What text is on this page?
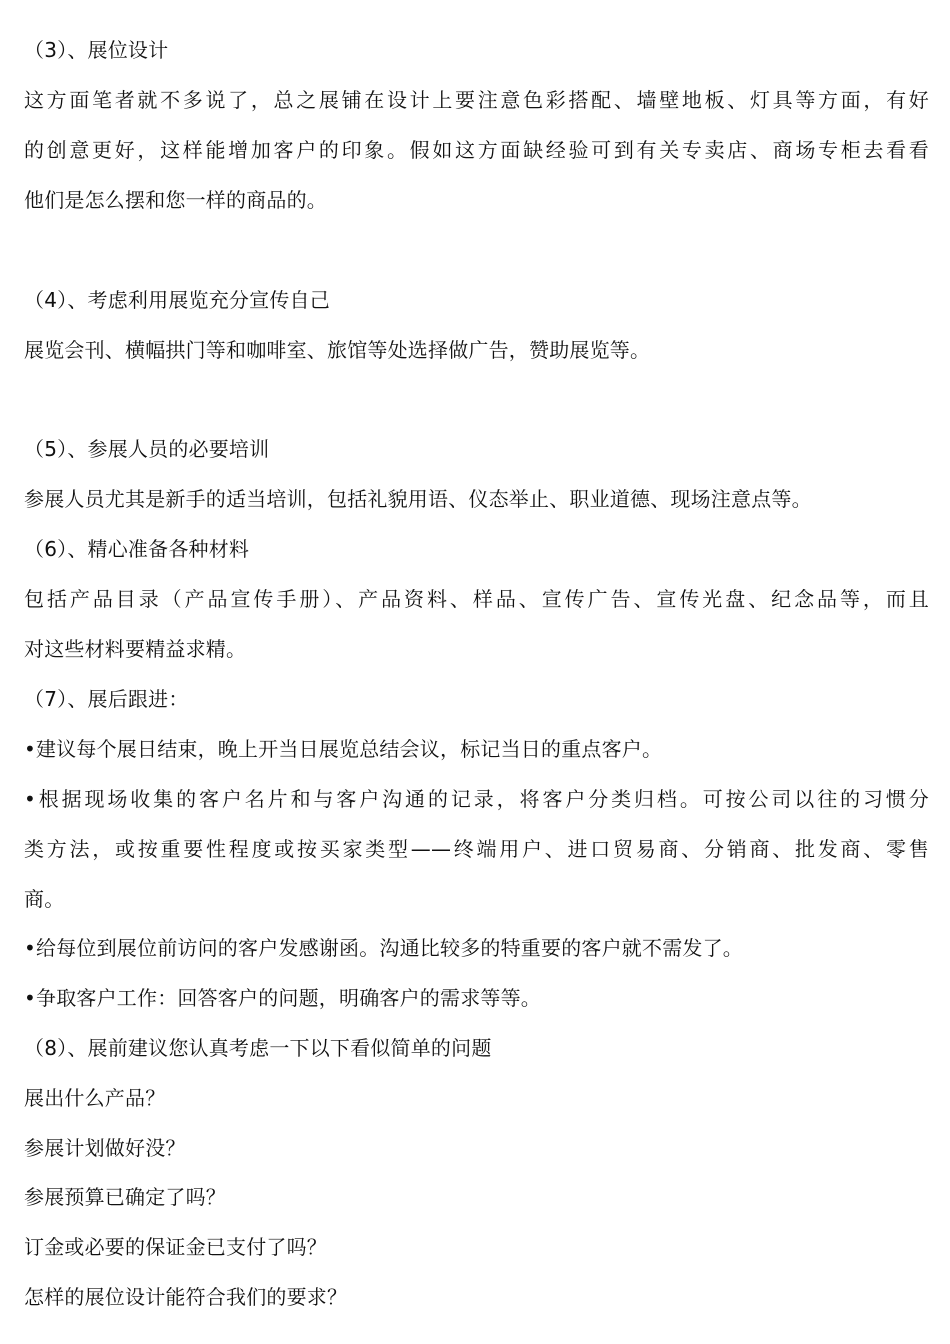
（3）、展位设计
这方面笔者就不多说了，总之展铺在设计上要注意色彩搭配、墙壁地板、灯具等方面，有好
的创意更好，这样能增加客户的印象。假如这方面缺经验可到有关专卖店、商场专柜去看看
他们是怎么摆和您一样的商品的。
（4）、考虑利用展览充分宣传自己
展览会刊、横幅拱门等和咖啡室、旅馆等处选择做广告，赞助展览等。
（5）、参展人员的必要培训
参展人员尤其是新手的适当培训，包括礼貌用语、仪态举止、职业道德、现场注意点等。
（6）、精心准备各种材料
包括产品目录（产品宣传手册）、产品资料、样品、宣传广告、宣传光盘、纪念品等，而且
对这些材料要精益求精。
（7）、展后跟进：
•建议每个展日结束，晚上开当日展览总结会议，标记当日的重点客户。
•根据现场收集的客户名片和与客户沟通的记录，将客户分类归档。可按公司以往的习惯分
类方法，或按重要性程度或按买家类型——终端用户、进口贸易商、分销商、批发商、零售
商。
•给每位到展位前访问的客户发感谢函。沟通比较多的特重要的客户就不需发了。
•争取客户工作：回答客户的问题，明确客户的需求等等。
（8）、展前建议您认真考虑一下以下看似简单的问题
展出什么产品？
参展计划做好没？
参展预算已确定了吗？
订金或必要的保证金已支付了吗？
怎样的展位设计能符合我们的要求？
